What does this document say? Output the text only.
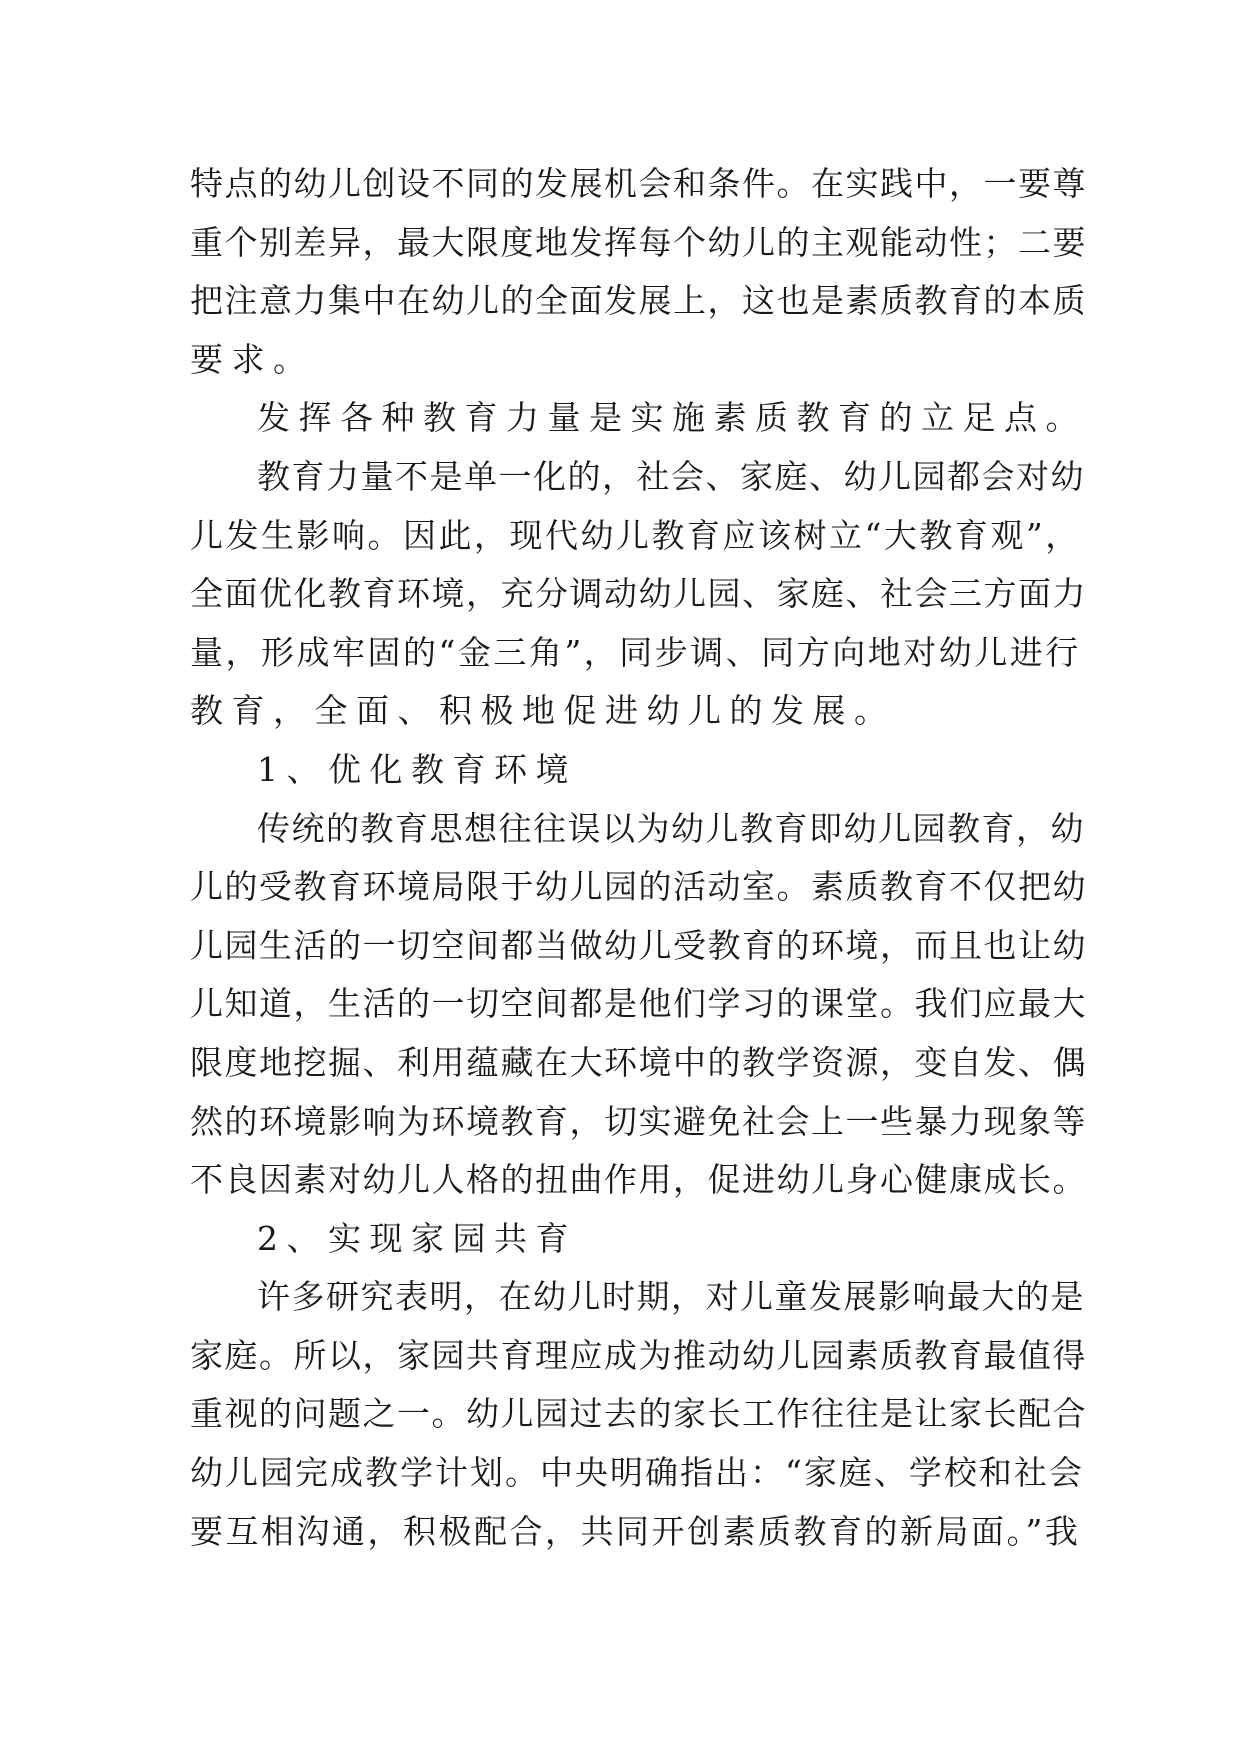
特点的幼儿创设不同的发展机会和条件。在实践中，一要尊
重个别差异，最大限度地发挥每个幼儿的主观能动性；二要
把注意力集中在幼儿的全面发展上，这也是素质教育的本质
要求。
发挥各种教育力量是实施素质教育的立足点。
教育力量不是单一化的，社会、家庭、幼儿园都会对幼
儿发生影响。因此，现代幼儿教育应该树立“大教育观”，
全面优化教育环境，充分调动幼儿园、家庭、社会三方面力
量，形成牢固的“金三角”，同步调、同方向地对幼儿进行
教育，全面、积极地促进幼儿的发展。
1、优化教育环境
传统的教育思想往往误以为幼儿教育即幼儿园教育，幼
儿的受教育环境局限于幼儿园的活动室。素质教育不仅把幼
儿园生活的一切空间都当做幼儿受教育的环境，而且也让幼
儿知道，生活的一切空间都是他们学习的课堂。我们应最大
限度地挖掘、利用蕴藏在大环境中的教学资源，变自发、偶
然的环境影响为环境教育，切实避免社会上一些暴力现象等
不良因素对幼儿人格的扭曲作用，促进幼儿身心健康成长。
2、实现家园共育
许多研究表明，在幼儿时期，对儿童发展影响最大的是
家庭。所以，家园共育理应成为推动幼儿园素质教育最值得
重视的问题之一。幼儿园过去的家长工作往往是让家长配合
幼儿园完成教学计划。中央明确指出：“家庭、学校和社会
要互相沟通，积极配合，共同开创素质教育的新局面。”我
